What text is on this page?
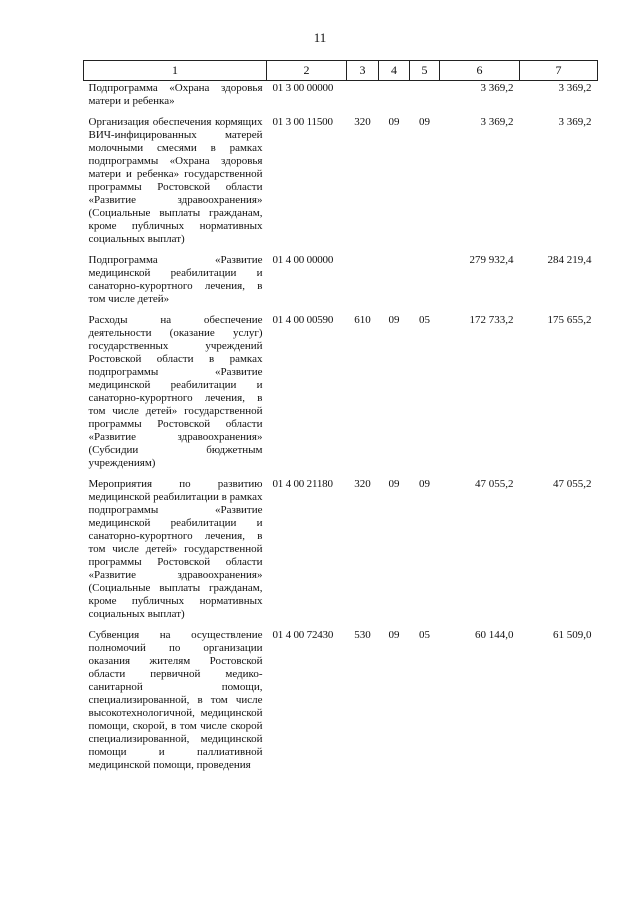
11
1	2	3	4	5	6	7
Подпрограмма «Охрана здоровья матери и ребенка»	01 3 00 00000				3 369,2	3 369,2
Организация обеспечения кормящих ВИЧ-инфицированных матерей молочными смесями в рамках подпрограммы «Охрана здоровья матери и ребенка» государственной программы Ростовской области «Развитие здравоохранения» (Социальные выплаты гражданам, кроме публичных нормативных социальных выплат)	01 3 00 11500	320	09	09	3 369,2	3 369,2
Подпрограмма «Развитие медицинской реабилитации и санаторно-курортного лечения, в том числе детей»	01 4 00 00000				279 932,4	284 219,4
Расходы на обеспечение деятельности (оказание услуг) государственных учреждений Ростовской области в рамках подпрограммы «Развитие медицинской реабилитации и санаторно-курортного лечения, в том числе детей» государственной программы Ростовской области «Развитие здравоохранения» (Субсидии бюджетным учреждениям)	01 4 00 00590	610	09	05	172 733,2	175 655,2
Мероприятия по развитию медицинской реабилитации в рамках подпрограммы «Развитие медицинской реабилитации и санаторно-курортного лечения, в том числе детей» государственной программы Ростовской области «Развитие здравоохранения» (Социальные выплаты гражданам, кроме публичных нормативных социальных выплат)	01 4 00 21180	320	09	09	47 055,2	47 055,2
Субвенция на осуществление полномочий по организации оказания жителям Ростовской области первичной медико-санитарной помощи, специализированной, в том числе высокотехнологичной, медицинской помощи, скорой, в том числе скорой специализированной, медицинской помощи и паллиативной медицинской помощи, проведения	01 4 00 72430	530	09	05	60 144,0	61 509,0
